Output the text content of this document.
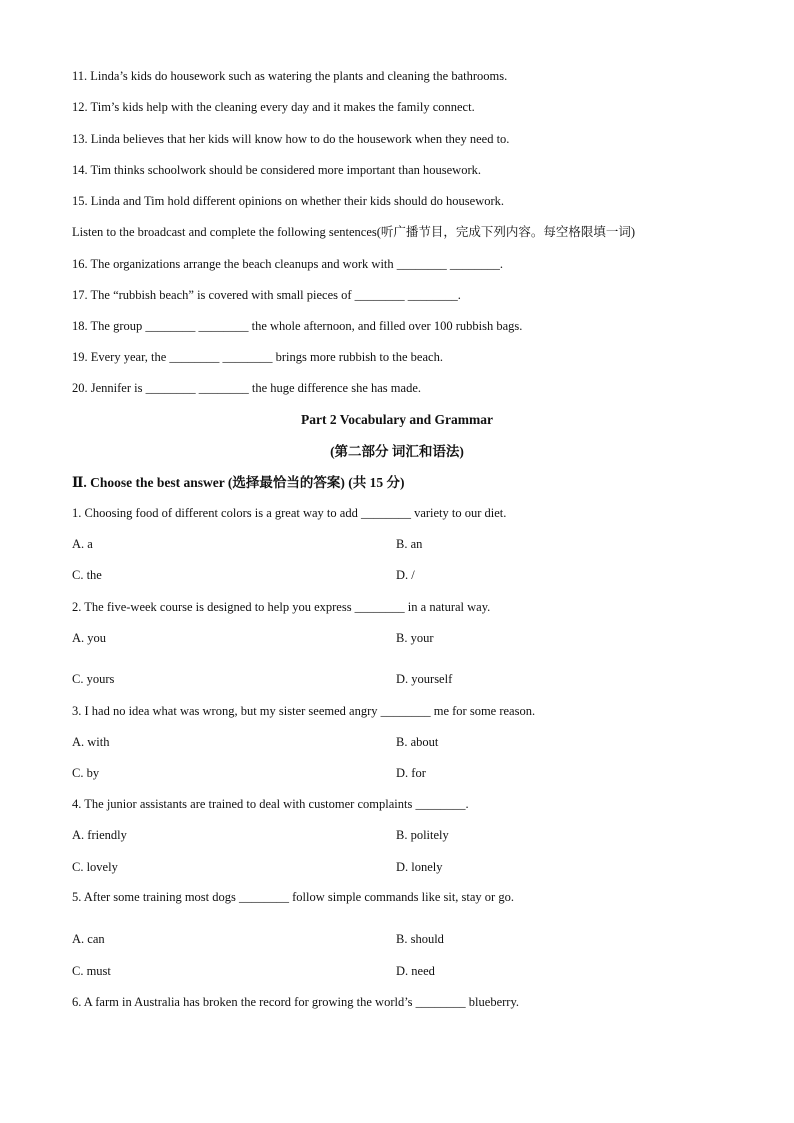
11. Linda’s kids do housework such as watering the plants and cleaning the bathrooms.
12. Tim’s kids help with the cleaning every day and it makes the family connect.
13. Linda believes that her kids will know how to do the housework when they need to.
14. Tim thinks schoolwork should be considered more important than housework.
15. Linda and Tim hold different opinions on whether their kids should do housework.
Listen to the broadcast and complete the following sentences(听广播节目，完成下列内容。每空格限填一词)
16. The organizations arrange the beach cleanups and work with ________ ________.
17. The “rubbish beach” is covered with small pieces of ________ ________.
18. The group ________ ________ the whole afternoon, and filled over 100 rubbish bags.
19. Every year, the ________ ________ brings more rubbish to the beach.
20. Jennifer is ________ ________ the huge difference she has made.
Part 2 Vocabulary and Grammar
(第二部分 词汇和语法)
Ⅱ. Choose the best answer (选择最恰当的答案) (共 15 分)
1. Choosing food of different colors is a great way to add ________ variety to our diet.
A. a	B. an
C. the	D. /
2. The five-week course is designed to help you express ________ in a natural way.
A. you	B. your
C. yours	D. yourself
3. I had no idea what was wrong, but my sister seemed angry ________ me for some reason.
A. with	B. about
C. by	D. for
4. The junior assistants are trained to deal with customer complaints ________.
A. friendly	B. politely
C. lovely	D. lonely
5. After some training most dogs ________ follow simple commands like sit, stay or go.
A. can	B. should
C. must	D. need
6. A farm in Australia has broken the record for growing the world’s ________ blueberry.
